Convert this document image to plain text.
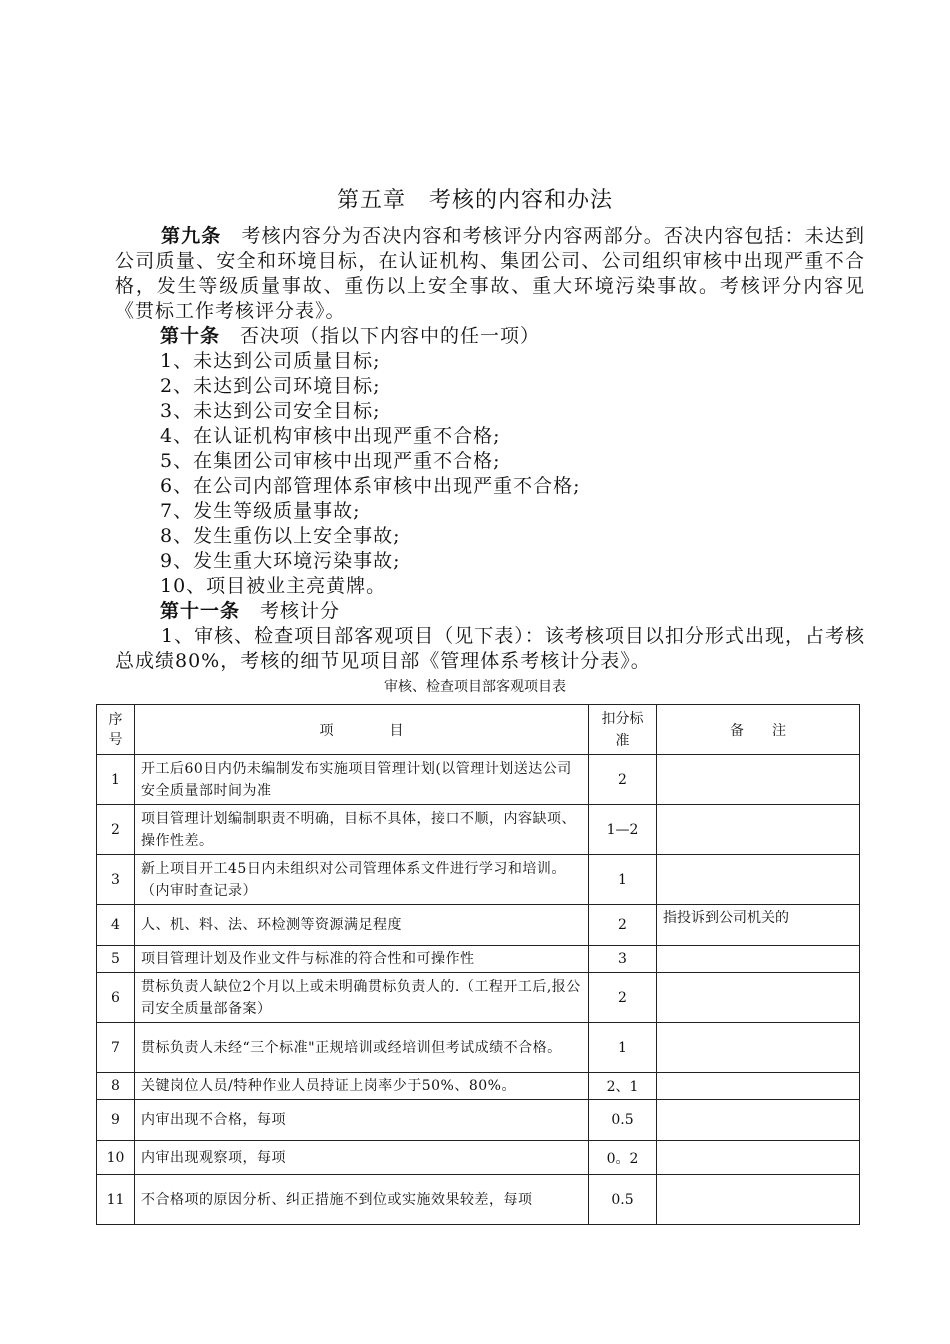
第五章　考核的内容和办法
第九条　考核内容分为否决内容和考核评分内容两部分。否决内容包括：未达到公司质量、安全和环境目标，在认证机构、集团公司、公司组织审核中出现严重不合格，发生等级质量事故、重伤以上安全事故、重大环境污染事故。考核评分内容见《贯标工作考核评分表》。
第十条　否决项（指以下内容中的任一项）
1、未达到公司质量目标;
2、未达到公司环境目标;
3、未达到公司安全目标;
4、在认证机构审核中出现严重不合格;
5、在集团公司审核中出现严重不合格;
6、在公司内部管理体系审核中出现严重不合格;
7、发生等级质量事故;
8、发生重伤以上安全事故;
9、发生重大环境污染事故;
10、项目被业主亮黄牌。
第十一条　考核计分
1、审核、检查项目部客观项目（见下表）：该考核项目以扣分形式出现，占考核总成绩80%，考核的细节见项目部《管理体系考核计分表》。
审核、检查项目部客观项目表
序号	项　　　　目	扣分标准	备　　注
1	开工后60日内仍未编制发布实施项目管理计划(以管理计划送达公司安全质量部时间为准	2	
2	项目管理计划编制职责不明确，目标不具体，接口不顺，内容缺项、操作性差。	1—2	
3	新上项目开工45日内未组织对公司管理体系文件进行学习和培训。（内审时查记录）	1	
4	人、机、料、法、环检测等资源满足程度	2	指投诉到公司机关的
5	项目管理计划及作业文件与标准的符合性和可操作性	3	
6	贯标负责人缺位2个月以上或未明确贯标负责人的.（工程开工后,报公司安全质量部备案）	2	
7	贯标负责人未经“三个标准"正规培训或经培训但考试成绩不合格。	1	
8	关键岗位人员/特种作业人员持证上岗率少于50%、80%。	2、1	
9	内审出现不合格，每项	0.5	
10	内审出现观察项，每项	0。2	
11	不合格项的原因分析、纠正措施不到位或实施效果较差，每项	0.5	
